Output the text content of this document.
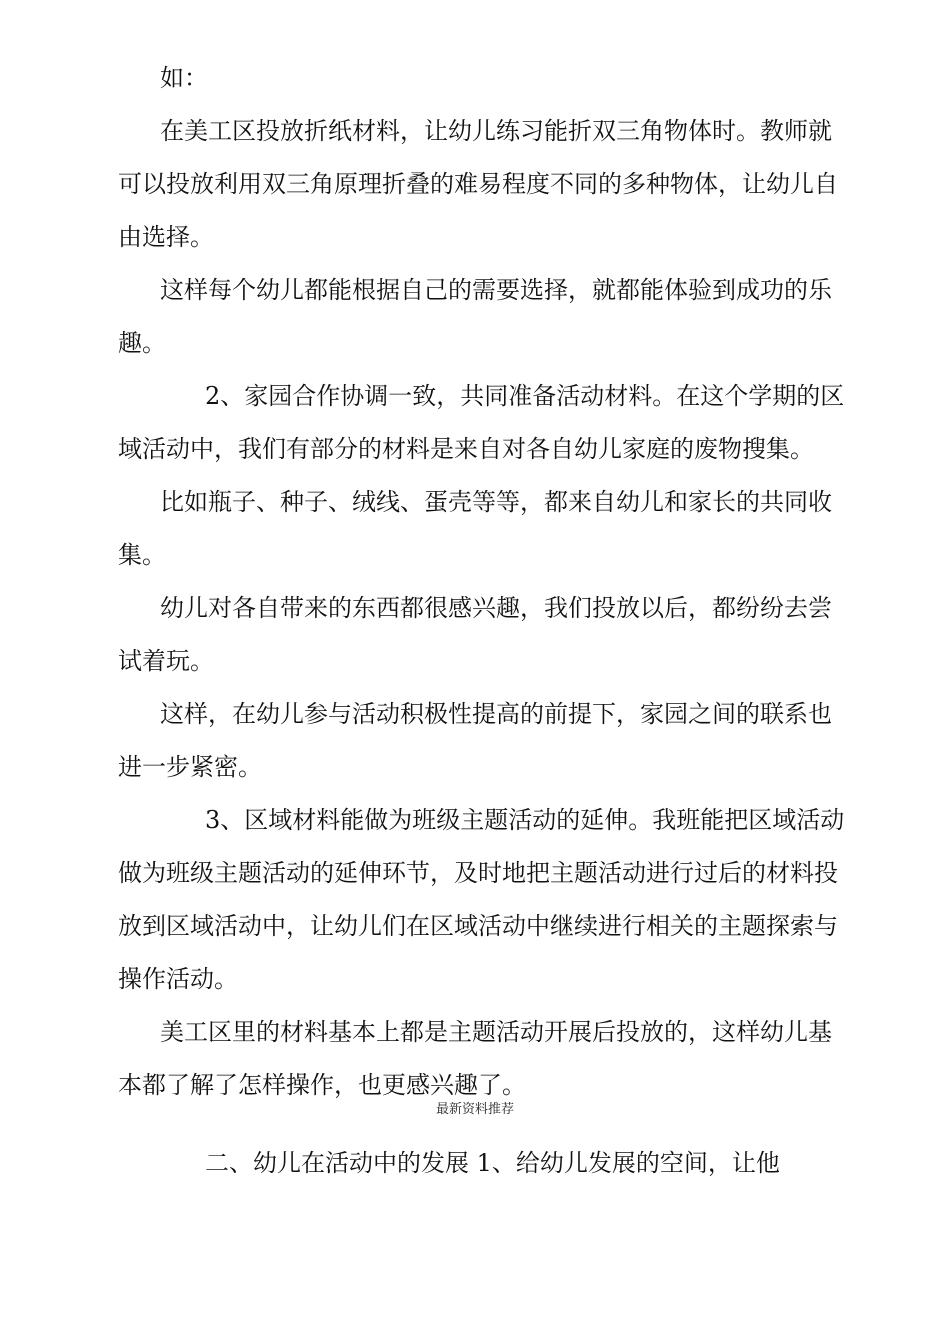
如：
在美工区投放折纸材料，让幼儿练习能折双三角物体时。教师就
可以投放利用双三角原理折叠的难易程度不同的多种物体，让幼儿自
由选择。
这样每个幼儿都能根据自己的需要选择，就都能体验到成功的乐
趣。
2、家园合作协调一致，共同准备活动材料。在这个学期的区
域活动中，我们有部分的材料是来自对各自幼儿家庭的废物搜集。
比如瓶子、种子、绒线、蛋壳等等，都来自幼儿和家长的共同收
集。
幼儿对各自带来的东西都很感兴趣，我们投放以后，都纷纷去尝
试着玩。
这样，在幼儿参与活动积极性提高的前提下，家园之间的联系也
进一步紧密。
3、区域材料能做为班级主题活动的延伸。我班能把区域活动
做为班级主题活动的延伸环节，及时地把主题活动进行过后的材料投
放到区域活动中，让幼儿们在区域活动中继续进行相关的主题探索与
操作活动。
美工区里的材料基本上都是主题活动开展后投放的，这样幼儿基
本都了解了怎样操作，也更感兴趣了。
最新资料推荐
二、幼儿在活动中的发展 1、给幼儿发展的空间，让他
